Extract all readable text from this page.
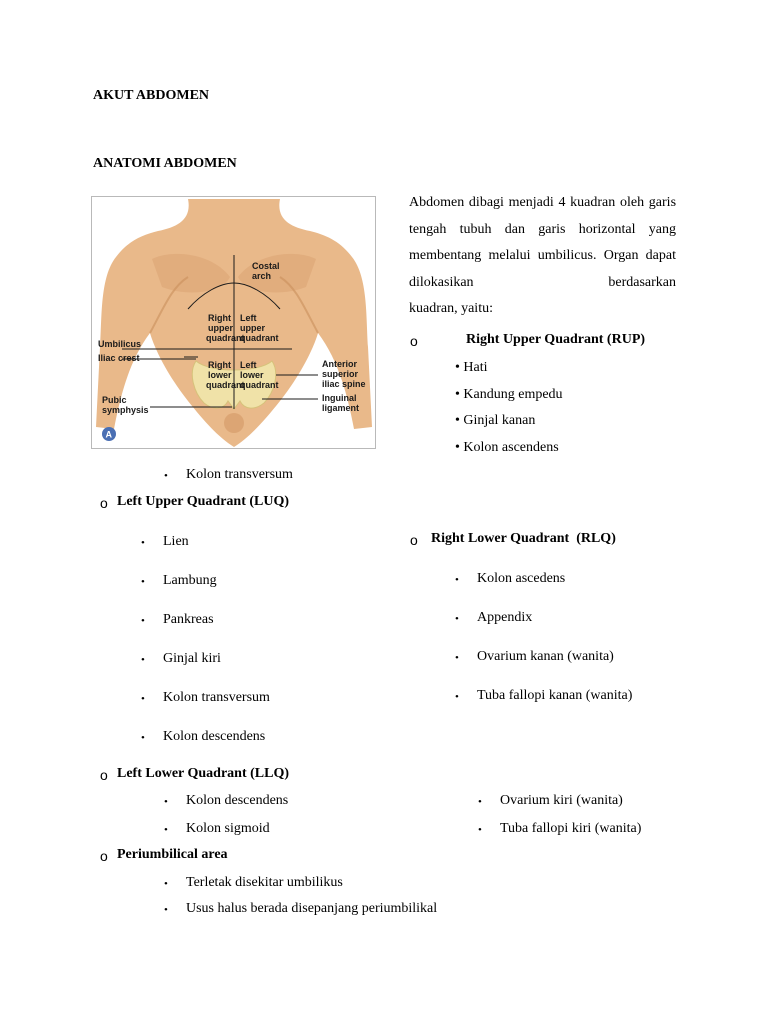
AKUT ABDOMEN
ANATOMI ABDOMEN
Costal
arch
Right
upper
quadrant
Left
upper
quadrant
Right
lower
quadrant
Left
lower
quadrant
Umbilicus
Iliac crest
Anterior
superior
iliac spine
Pubic
symphysis
Inguinal
ligament
A
Abdomen dibagi menjadi 4 kuadran oleh garis tengah tubuh dan garis horizontal yang membentang melalui umbilicus. Organ dapat dilokasikan berdasarkan
kuadran, yaitu:
o	Right Upper Quadrant (RUP)
• Hati
• Kandung empedu
• Ginjal kanan
• Kolon ascendens
• Kolon transversum
o Left Upper Quadrant (LUQ)
• Lien
• Lambung
• Pankreas
• Ginjal kiri
• Kolon transversum
• Kolon descendens
o Right Lower Quadrant  (RLQ)
• Kolon ascedens
• Appendix
• Ovarium kanan (wanita)
• Tuba fallopi kanan (wanita)
o Left Lower Quadrant (LLQ)
• Kolon descendens
• Kolon sigmoid
• Ovarium kiri (wanita)
• Tuba fallopi kiri (wanita)
o Periumbilical area
• Terletak disekitar umbilikus
• Usus halus berada disepanjang periumbilikal
